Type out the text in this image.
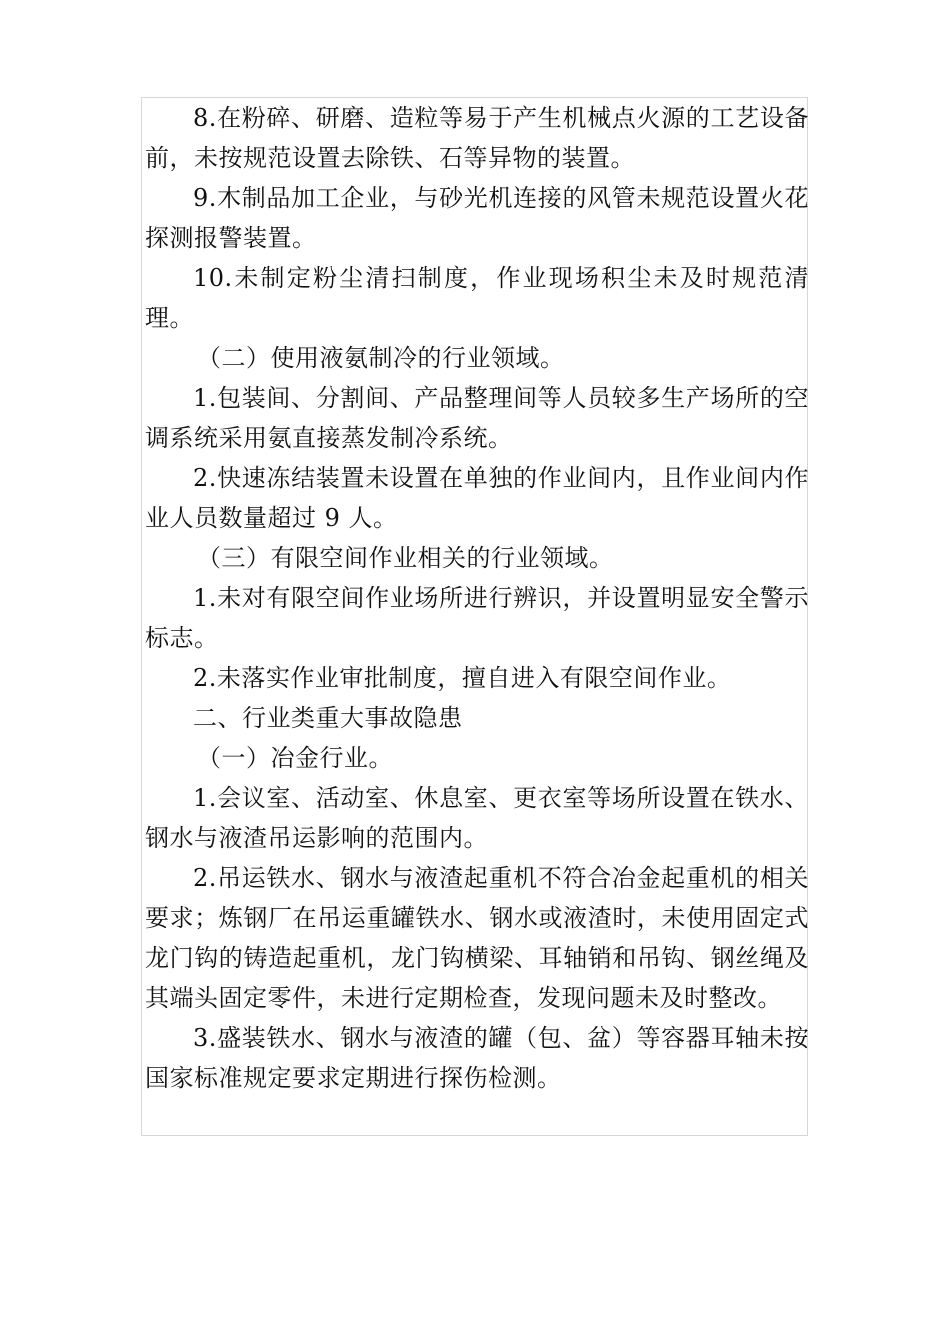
8.在粉碎、研磨、造粒等易于产生机械点火源的工艺设备前，未按规范设置去除铁、石等异物的装置。

9.木制品加工企业，与砂光机连接的风管未规范设置火花探测报警装置。

10.未制定粉尘清扫制度，作业现场积尘未及时规范清理。

（二）使用液氨制冷的行业领域。

1.包装间、分割间、产品整理间等人员较多生产场所的空调系统采用氨直接蒸发制冷系统。

2.快速冻结装置未设置在单独的作业间内，且作业间内作业人员数量超过 9 人。

（三）有限空间作业相关的行业领域。

1.未对有限空间作业场所进行辨识，并设置明显安全警示标志。

2.未落实作业审批制度，擅自进入有限空间作业。

二、行业类重大事故隐患

（一）冶金行业。

1.会议室、活动室、休息室、更衣室等场所设置在铁水、钢水与液渣吊运影响的范围内。

2.吊运铁水、钢水与液渣起重机不符合冶金起重机的相关要求；炼钢厂在吊运重罐铁水、钢水或液渣时，未使用固定式龙门钩的铸造起重机，龙门钩横梁、耳轴销和吊钩、钢丝绳及其端头固定零件，未进行定期检查，发现问题未及时整改。

3.盛装铁水、钢水与液渣的罐（包、盆）等容器耳轴未按国家标准规定要求定期进行探伤检测。
